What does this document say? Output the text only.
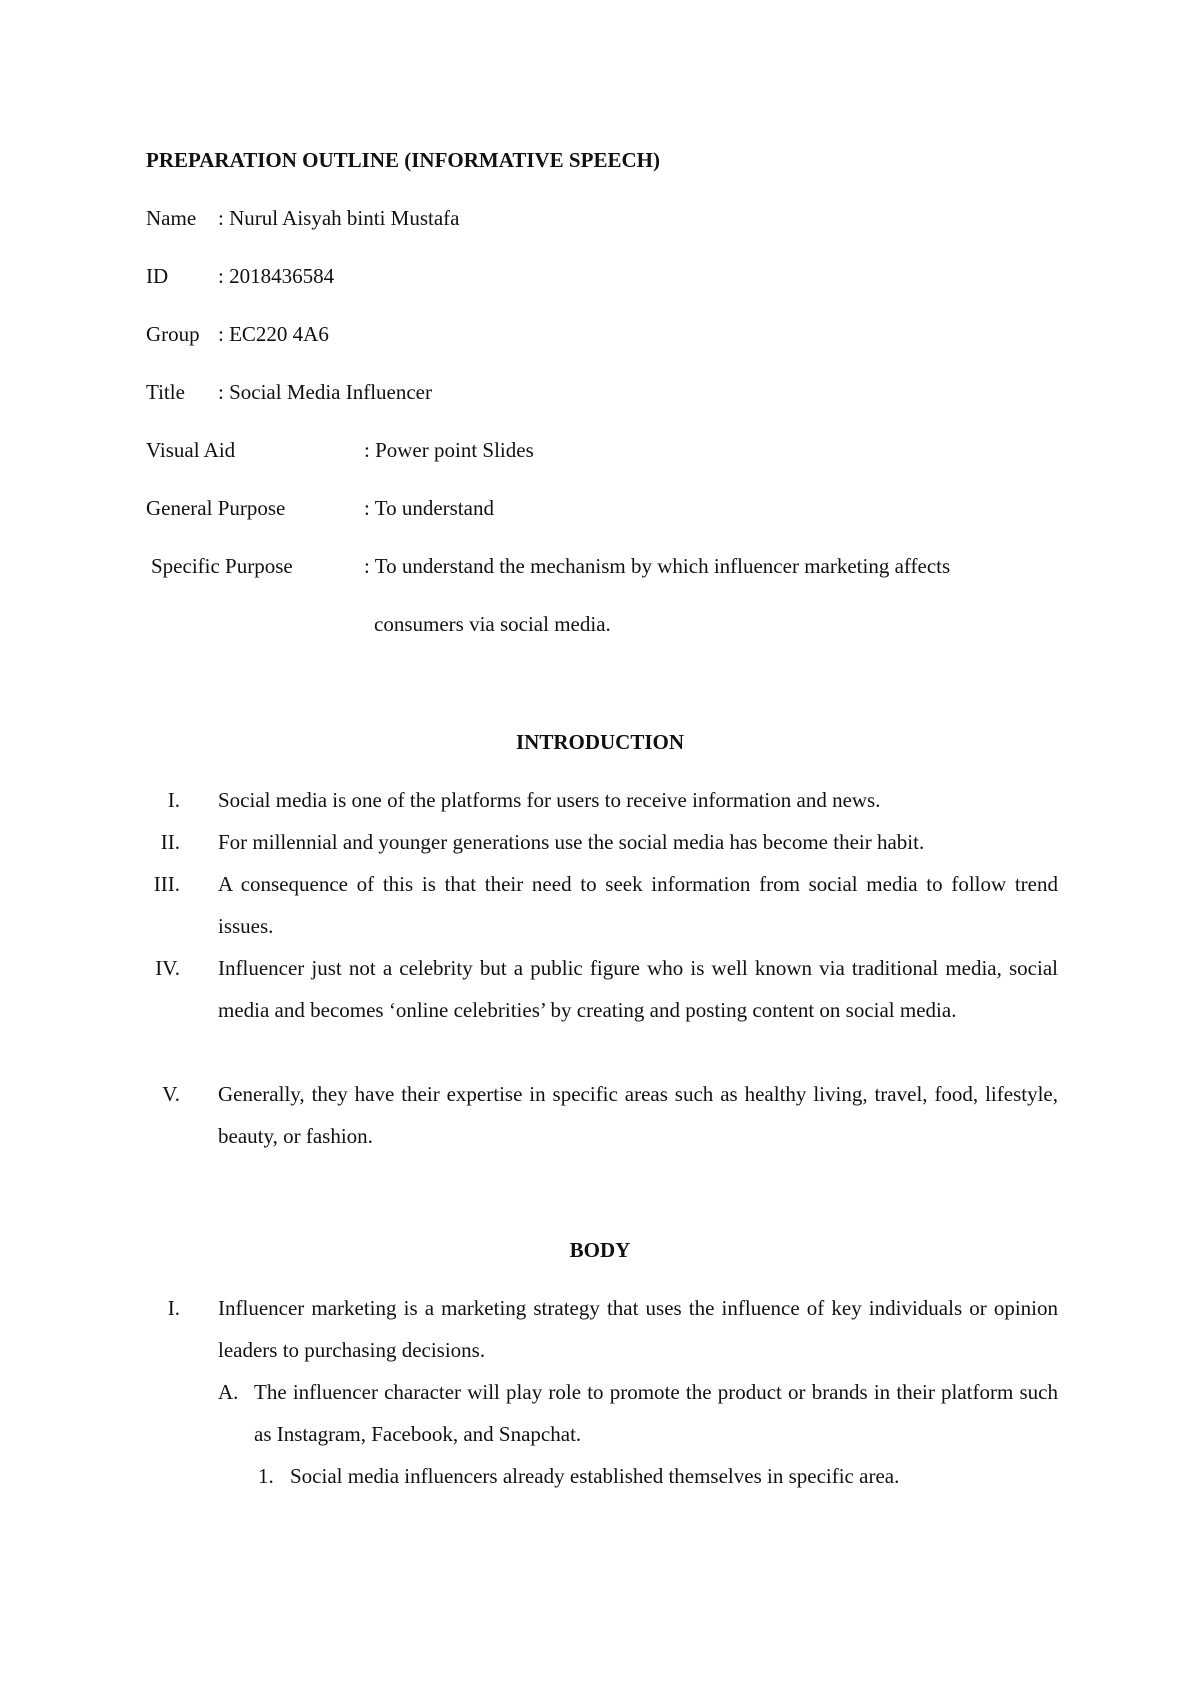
PREPARATION OUTLINE (INFORMATIVE SPEECH)
Name : Nurul Aisyah binti Mustafa
ID : 2018436584
Group : EC220 4A6
Title : Social Media Influencer
Visual Aid	: Power point Slides
General Purpose	: To understand
Specific Purpose	: To understand the mechanism by which influencer marketing affects
consumers via social media.
INTRODUCTION
I. Social media is one of the platforms for users to receive information and news.
II. For millennial and younger generations use the social media has become their habit.
III. A consequence of this is that their need to seek information from social media to follow trend issues.
IV. Influencer just not a celebrity but a public figure who is well known via traditional media, social media and becomes ‘online celebrities’ by creating and posting content on social media.
V. Generally, they have their expertise in specific areas such as healthy living, travel, food, lifestyle, beauty, or fashion.
BODY
I. Influencer marketing is a marketing strategy that uses the influence of key individuals or opinion leaders to purchasing decisions.
A. The influencer character will play role to promote the product or brands in their platform such as Instagram, Facebook, and Snapchat.
1. Social media influencers already established themselves in specific area.
